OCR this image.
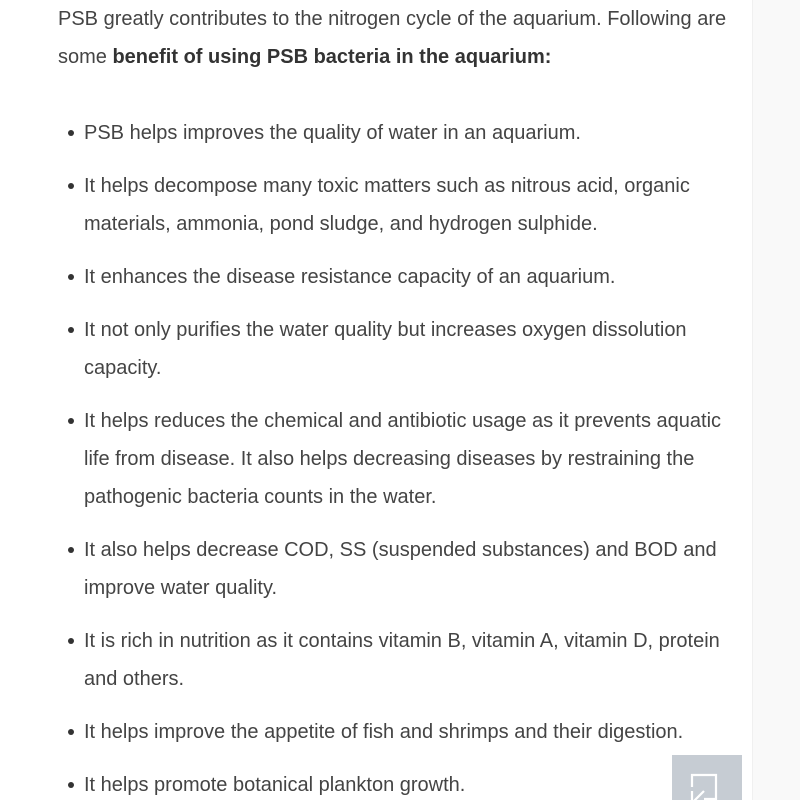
PSB greatly contributes to the nitrogen cycle of the aquarium. Following are some benefit of using PSB bacteria in the aquarium:

PSB helps improves the quality of water in an aquarium.
It helps decompose many toxic matters such as nitrous acid, organic materials, ammonia, pond sludge, and hydrogen sulphide.
It enhances the disease resistance capacity of an aquarium.
It not only purifies the water quality but increases oxygen dissolution capacity.
It helps reduces the chemical and antibiotic usage as it prevents aquatic life from disease. It also helps decreasing diseases by restraining the pathogenic bacteria counts in the water.
It also helps decrease COD, SS (suspended substances) and BOD and improve water quality.
It is rich in nutrition as it contains vitamin B, vitamin A, vitamin D, protein and others.
It helps improve the appetite of fish and shrimps and their digestion.
It helps promote botanical plankton growth.
